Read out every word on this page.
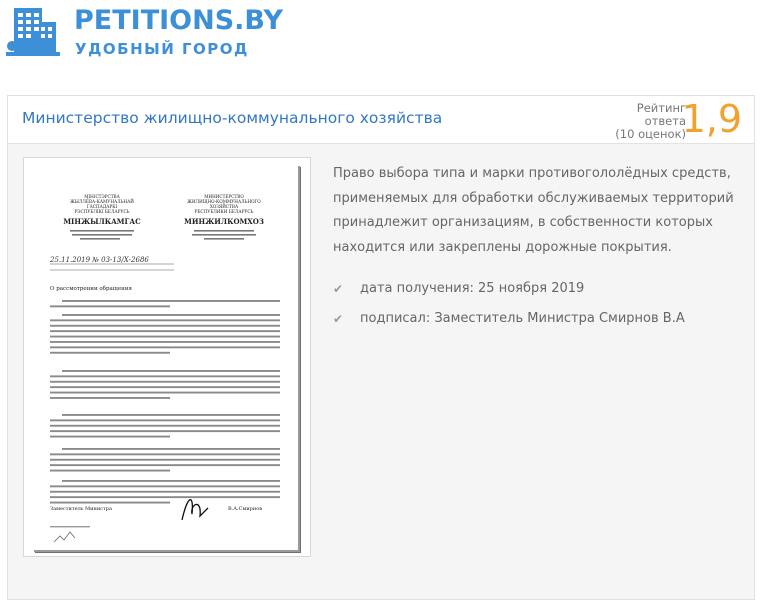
PETITIONS.BY
УДОБНЫЙ ГОРОД
Министерство жилищно-коммунального хозяйства
Рейтинг
ответа
(10 оценок)
1,9
МІНІСТЭРСТВА
ЖЫЛЛЁВА-КАМУНАЛЬНАЙ
ГАСПАДАРКІ
РЭСПУБЛІКІ БЕЛАРУСЬ
МІНЖЫЛКАМГАС
МИНИСТЕРСТВО
ЖИЛИЩНО-КОММУНАЛЬНОГО
ХОЗЯЙСТВА
РЕСПУБЛИКИ БЕЛАРУСЬ
МИНЖИЛКОМХОЗ
25.11.2019 № 03-13/Х-2686
О рассмотрении обращения
Заместитель Министра	В.А.Смирнов
Право выбора типа и марки противогололёдных средств, применяемых для обработки обслуживаемых территорий принадлежит организациям, в собственности которых находится или закреплены дорожные покрытия.
✔	дата получения: 25 ноября 2019
✔	подписал: Заместитель Министра Смирнов В.А
